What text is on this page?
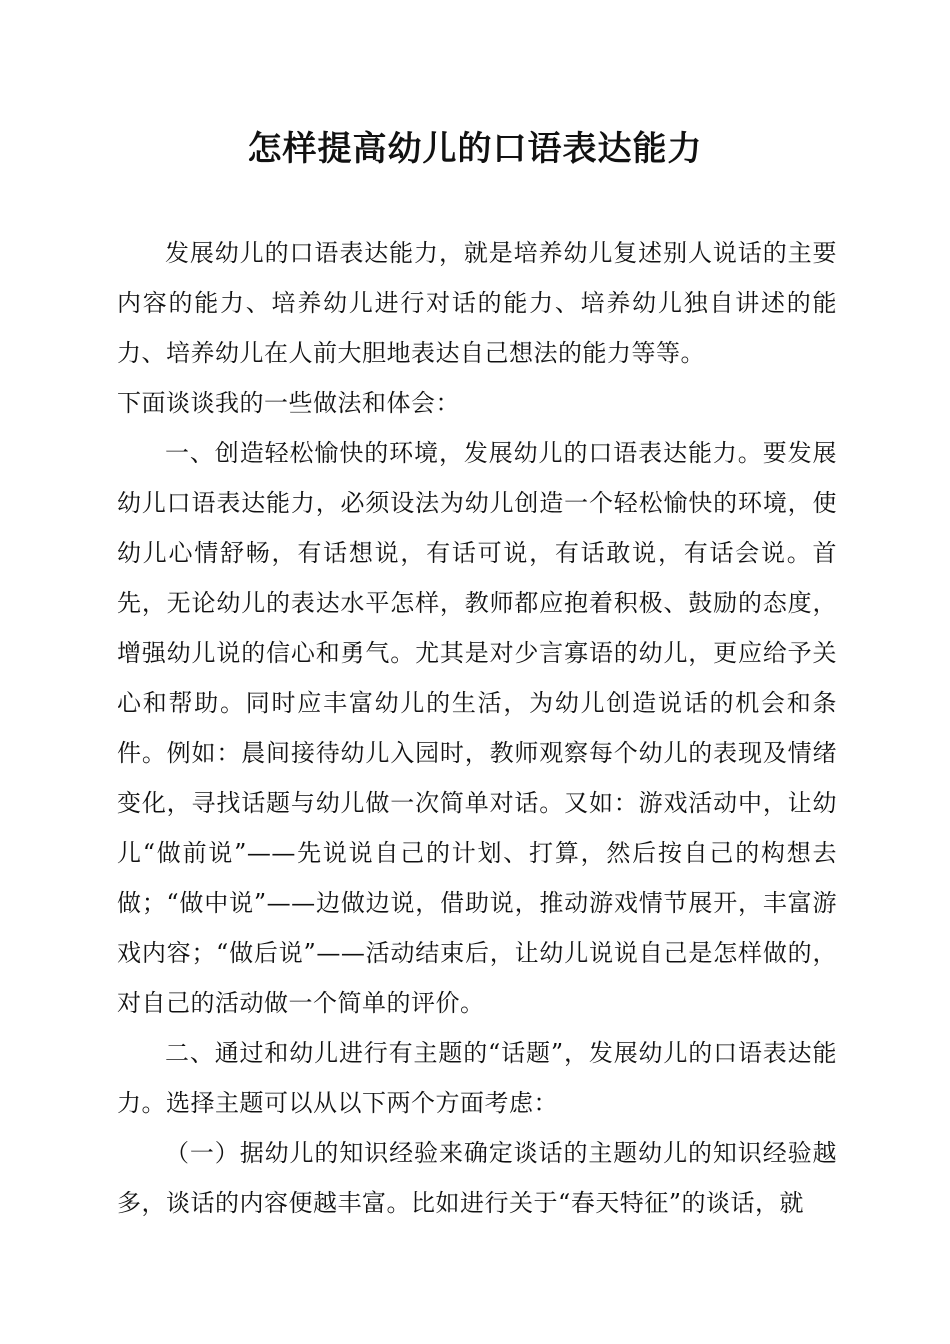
怎样提高幼儿的口语表达能力

发展幼儿的口语表达能力，就是培养幼儿复述别人说话的主要内容的能力、培养幼儿进行对话的能力、培养幼儿独自讲述的能力、培养幼儿在人前大胆地表达自己想法的能力等等。

下面谈谈我的一些做法和体会：

一、创造轻松愉快的环境，发展幼儿的口语表达能力。要发展幼儿口语表达能力，必须设法为幼儿创造一个轻松愉快的环境，使幼儿心情舒畅，有话想说，有话可说，有话敢说，有话会说。首先，无论幼儿的表达水平怎样，教师都应抱着积极、鼓励的态度，增强幼儿说的信心和勇气。尤其是对少言寡语的幼儿，更应给予关心和帮助。同时应丰富幼儿的生活，为幼儿创造说话的机会和条件。例如：晨间接待幼儿入园时，教师观察每个幼儿的表现及情绪变化，寻找话题与幼儿做一次简单对话。又如：游戏活动中，让幼儿“做前说”——先说说自己的计划、打算，然后按自己的构想去做；“做中说”——边做边说，借助说，推动游戏情节展开，丰富游戏内容；“做后说”——活动结束后，让幼儿说说自己是怎样做的，对自己的活动做一个简单的评价。

二、通过和幼儿进行有主题的“话题”，发展幼儿的口语表达能力。选择主题可以从以下两个方面考虑：

（一）据幼儿的知识经验来确定谈话的主题幼儿的知识经验越多，谈话的内容便越丰富。比如进行关于“春天特征”的谈话，就
